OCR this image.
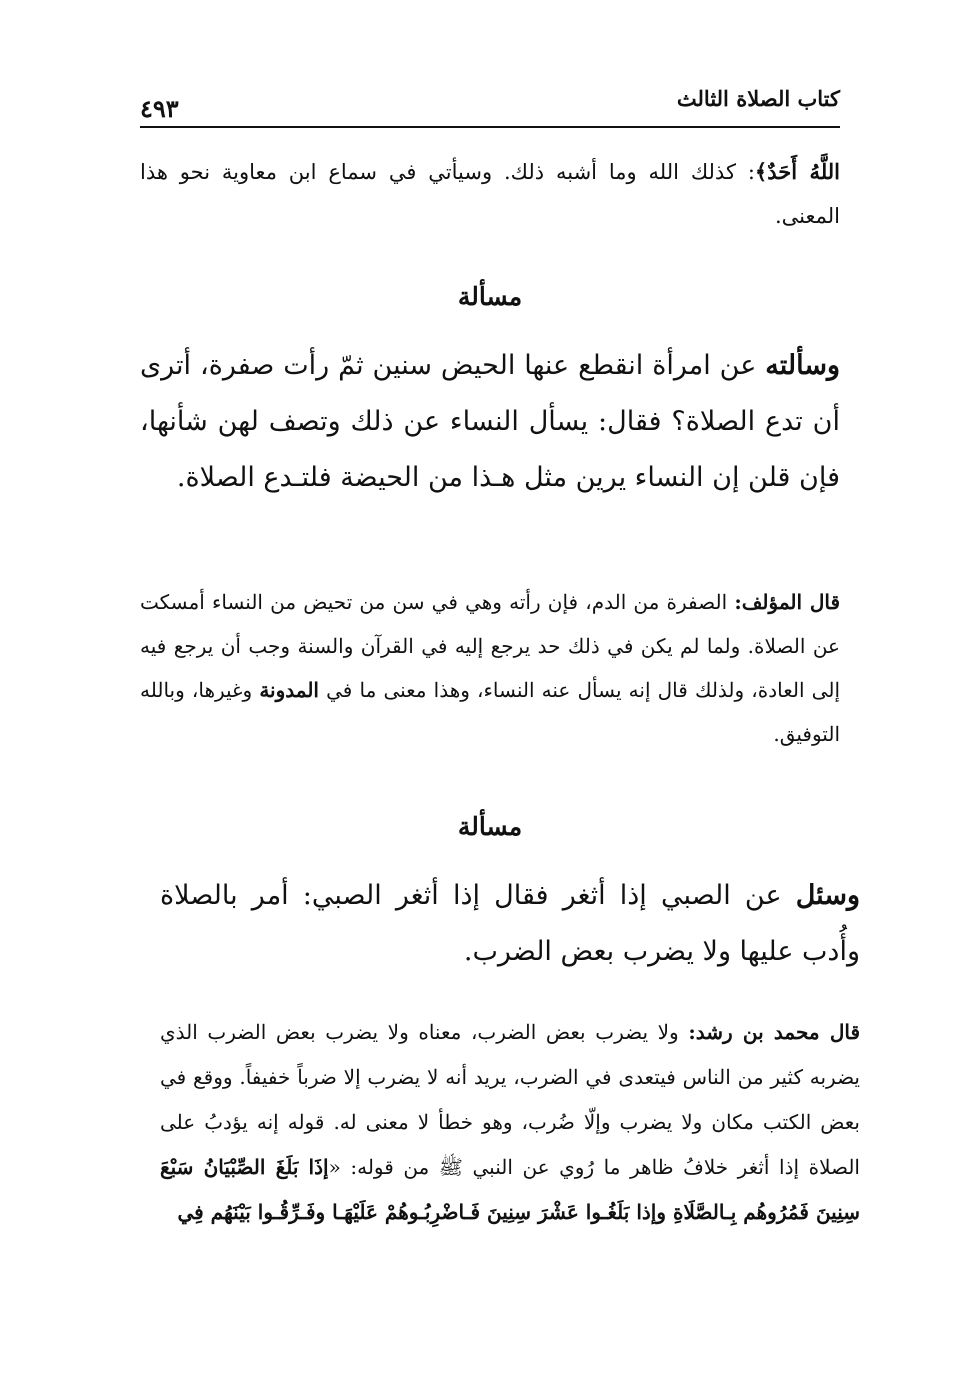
كتاب الصلاة الثالث
٤٩٣

اللَّهُ أَحَدٌ﴾: كذلك الله وما أشبه ذلك. وسيأتي في سماع ابن معاوية نحو هذا المعنى.

مسألة

وسألته عن امرأة انقطع عنها الحيض سنين ثمّ رأت صفرة، أترى أن تدع الصلاة؟ فقال: يسأل النساء عن ذلك وتصف لهن شأنها، فإن قلن إن النساء يرين مثل هـذا من الحيضة فلتـدع الصلاة.

قال المؤلف: الصفرة من الدم، فإن رأته وهي في سن من تحيض من النساء أمسكت عن الصلاة. ولما لم يكن في ذلك حد يرجع إليه في القرآن والسنة وجب أن يرجع فيه إلى العادة، ولذلك قال إنه يسأل عنه النساء، وهذا معنى ما في المدونة وغيرها، وبالله التوفيق.

مسألة

وسئل عن الصبي إذا أثغر فقال إذا أثغر الصبي: أمر بالصلاة وأُدب عليها ولا يضرب بعض الضرب.

قال محمد بن رشد: ولا يضرب بعض الضرب، معناه ولا يضرب بعض الضرب الذي يضربه كثير من الناس فيتعدى في الضرب، يريد أنه لا يضرب إلا ضرباً خفيفاً. ووقع في بعض الكتب مكان ولا يضرب وإلّا ضُرب، وهو خطأ لا معنى له. قوله إنه يؤدبُ على الصلاة إذا أثغر خلافُ ظاهر ما رُوي عن النبي ﷺ من قوله: «إذَا بَلَغَ الصِّبْيَانُ سَبْعَ سِنِينَ فَمُرُوهُم بِـالصَّلَاةِ وإذا بَلَغُـوا عَشْرَ سِنِينَ فَـاضْرِبُـوهُمْ عَلَيْهَـا وفَـرِّقُـوا بَيْنَهُم فِي
